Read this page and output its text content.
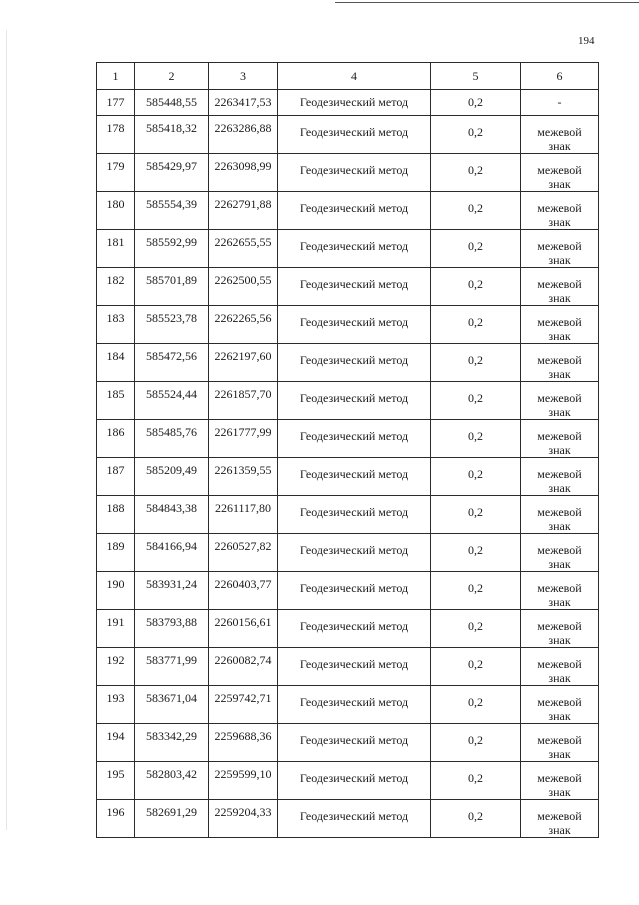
194
1	2	3	4	5	6

177	585448,55	2263417,53	Геодезический метод	0,2	-

178	585418,32	2263286,88	Геодезический метод	0,2	межевой знак

179	585429,97	2263098,99	Геодезический метод	0,2	межевой знак

180	585554,39	2262791,88	Геодезический метод	0,2	межевой знак

181	585592,99	2262655,55	Геодезический метод	0,2	межевой знак

182	585701,89	2262500,55	Геодезический метод	0,2	межевой знак

183	585523,78	2262265,56	Геодезический метод	0,2	межевой знак

184	585472,56	2262197,60	Геодезический метод	0,2	межевой знак

185	585524,44	2261857,70	Геодезический метод	0,2	межевой знак

186	585485,76	2261777,99	Геодезический метод	0,2	межевой знак

187	585209,49	2261359,55	Геодезический метод	0,2	межевой знак

188	584843,38	2261117,80	Геодезический метод	0,2	межевой знак

189	584166,94	2260527,82	Геодезический метод	0,2	межевой знак

190	583931,24	2260403,77	Геодезический метод	0,2	межевой знак

191	583793,88	2260156,61	Геодезический метод	0,2	межевой знак

192	583771,99	2260082,74	Геодезический метод	0,2	межевой знак

193	583671,04	2259742,71	Геодезический метод	0,2	межевой знак

194	583342,29	2259688,36	Геодезический метод	0,2	межевой знак

195	582803,42	2259599,10	Геодезический метод	0,2	межевой знак

196	582691,29	2259204,33	Геодезический метод	0,2	межевой знак
